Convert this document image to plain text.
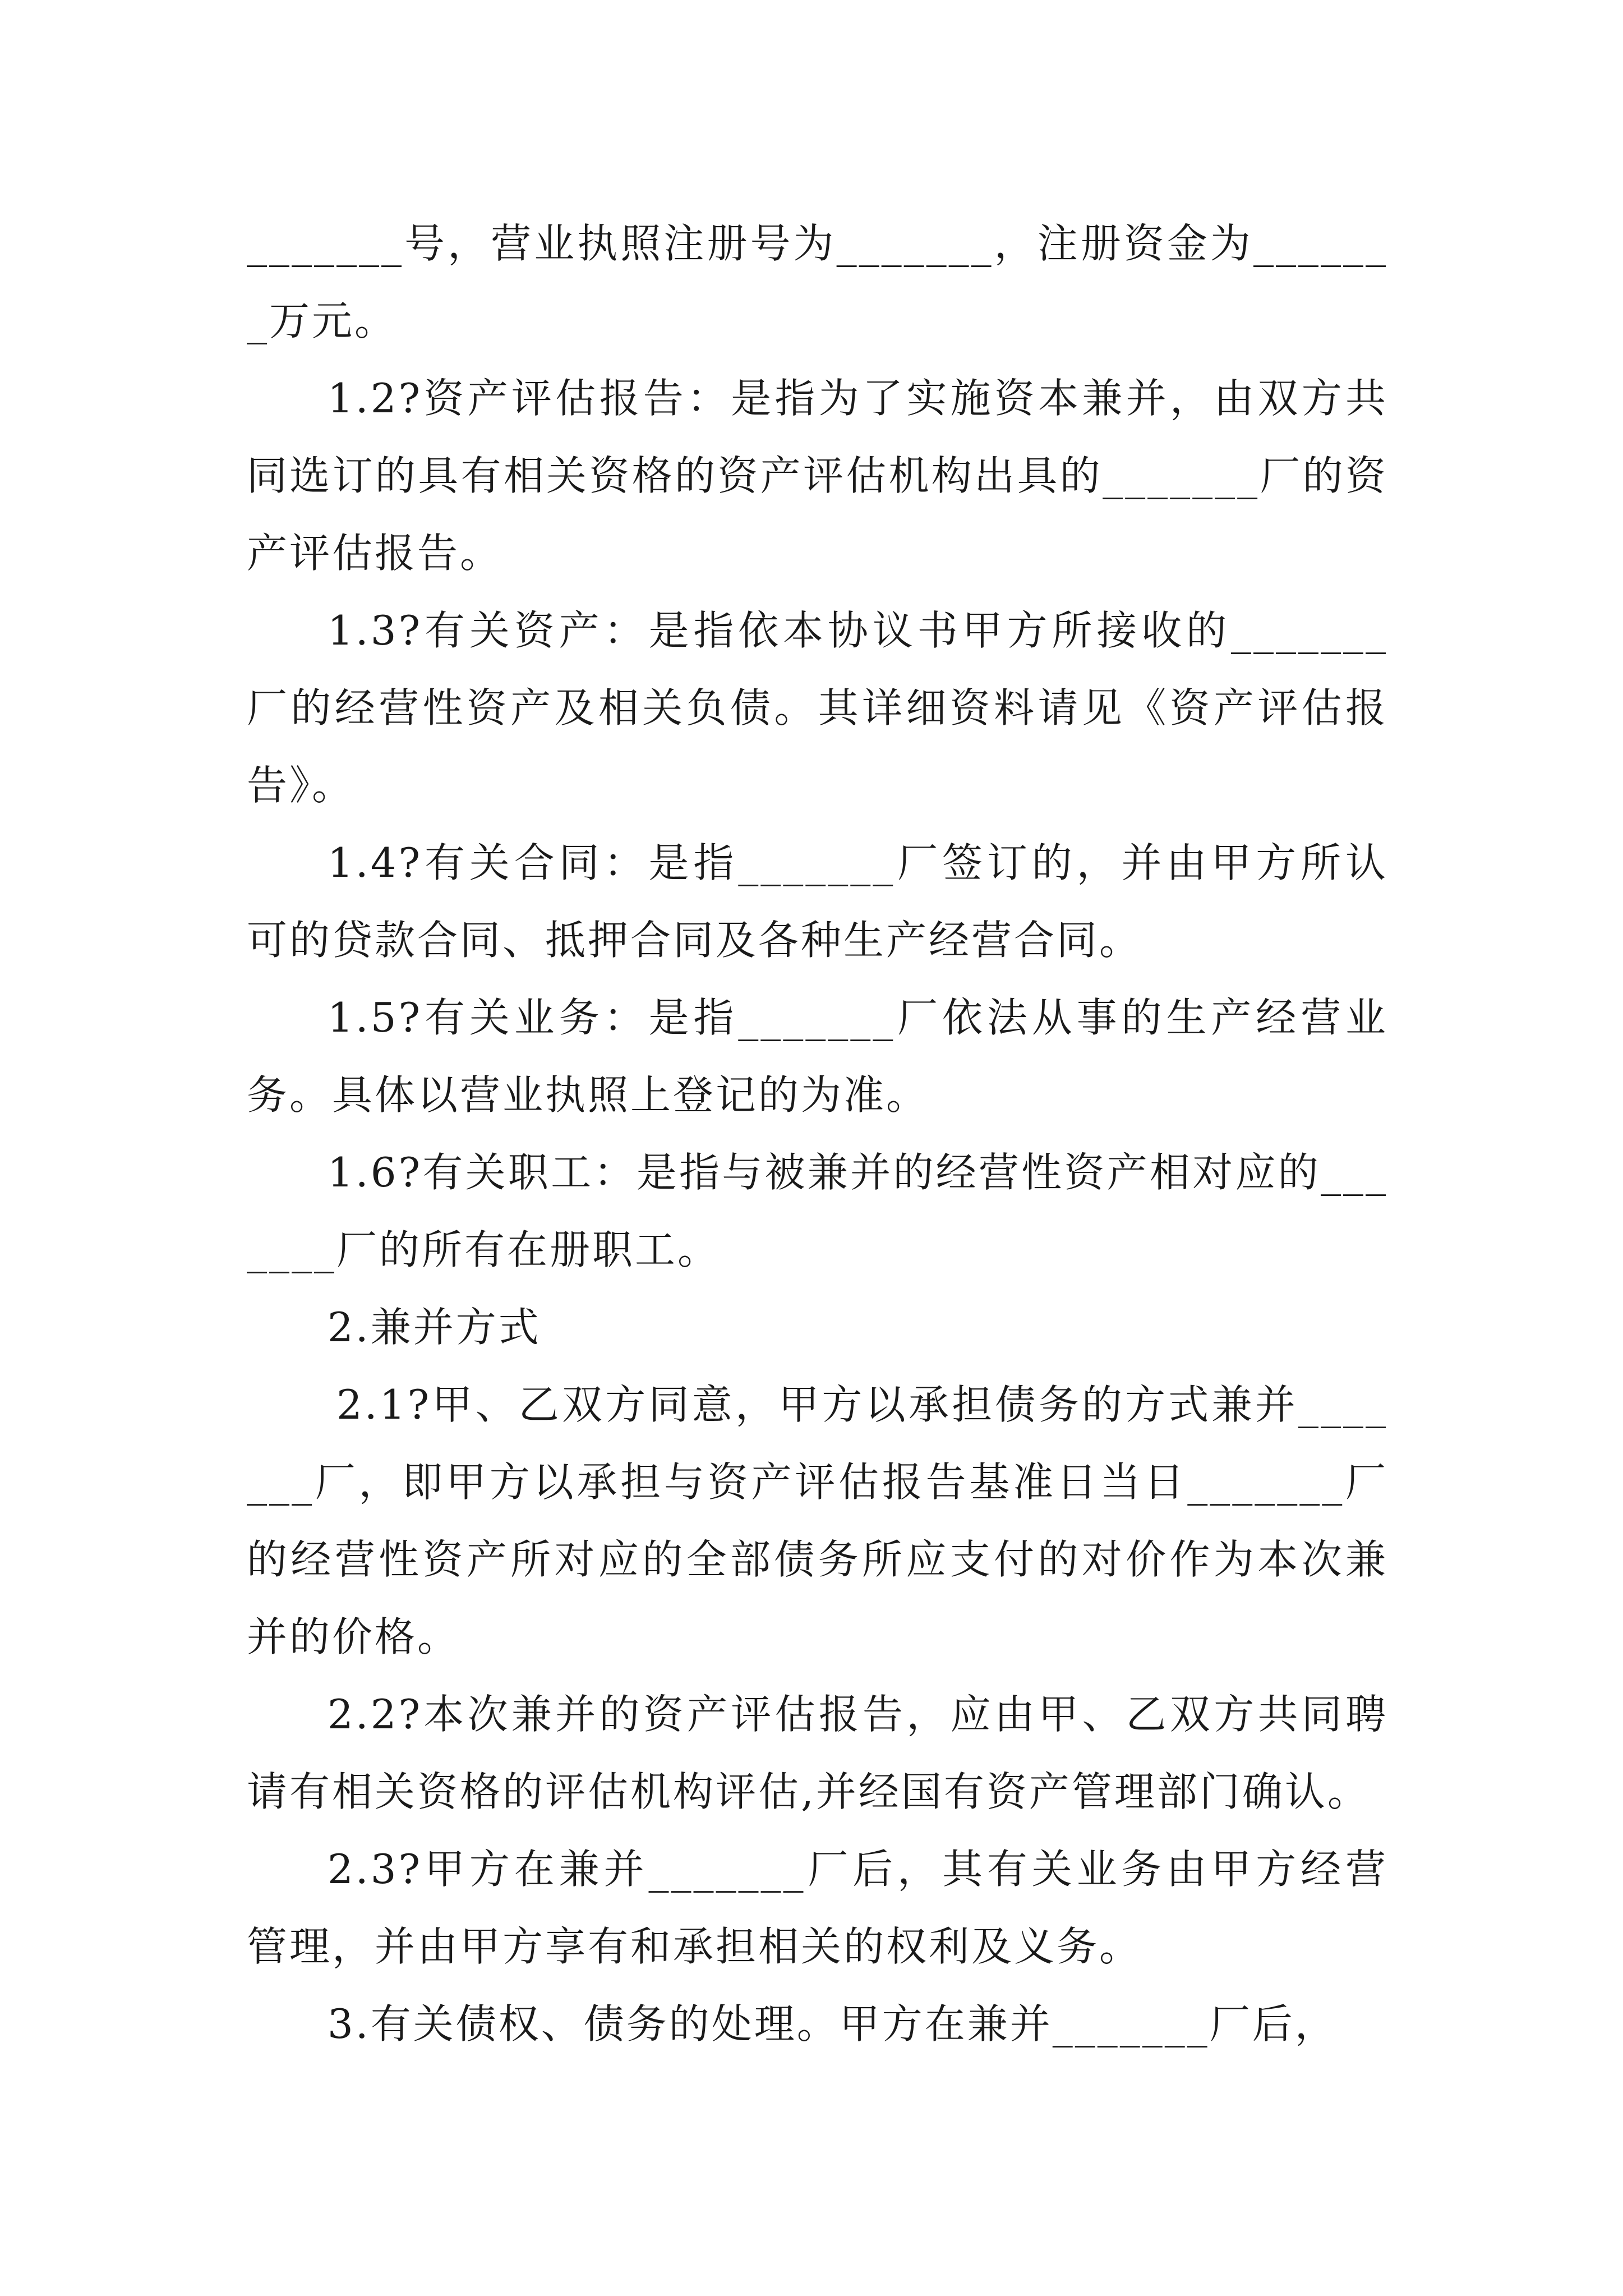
_______号，营业执照注册号为_______，注册资金为_______万元。

1.2?资产评估报告：是指为了实施资本兼并，由双方共同选订的具有相关资格的资产评估机构出具的_______厂的资产评估报告。

1.3?有关资产：是指依本协议书甲方所接收的_______厂的经营性资产及相关负债。其详细资料请见《资产评估报告》。

1.4?有关合同：是指_______厂签订的，并由甲方所认可的贷款合同、抵押合同及各种生产经营合同。

1.5?有关业务：是指_______厂依法从事的生产经营业务。具体以营业执照上登记的为准。

1.6?有关职工：是指与被兼并的经营性资产相对应的_______厂的所有在册职工。

2.兼并方式

2.1?甲、乙双方同意，甲方以承担债务的方式兼并_______厂，即甲方以承担与资产评估报告基准日当日_______厂的经营性资产所对应的全部债务所应支付的对价作为本次兼并的价格。

2.2?本次兼并的资产评估报告，应由甲、乙双方共同聘请有相关资格的评估机构评估,并经国有资产管理部门确认。

2.3?甲方在兼并_______厂后，其有关业务由甲方经营管理，并由甲方享有和承担相关的权利及义务。

3.有关债权、债务的处理。甲方在兼并_______厂后，
